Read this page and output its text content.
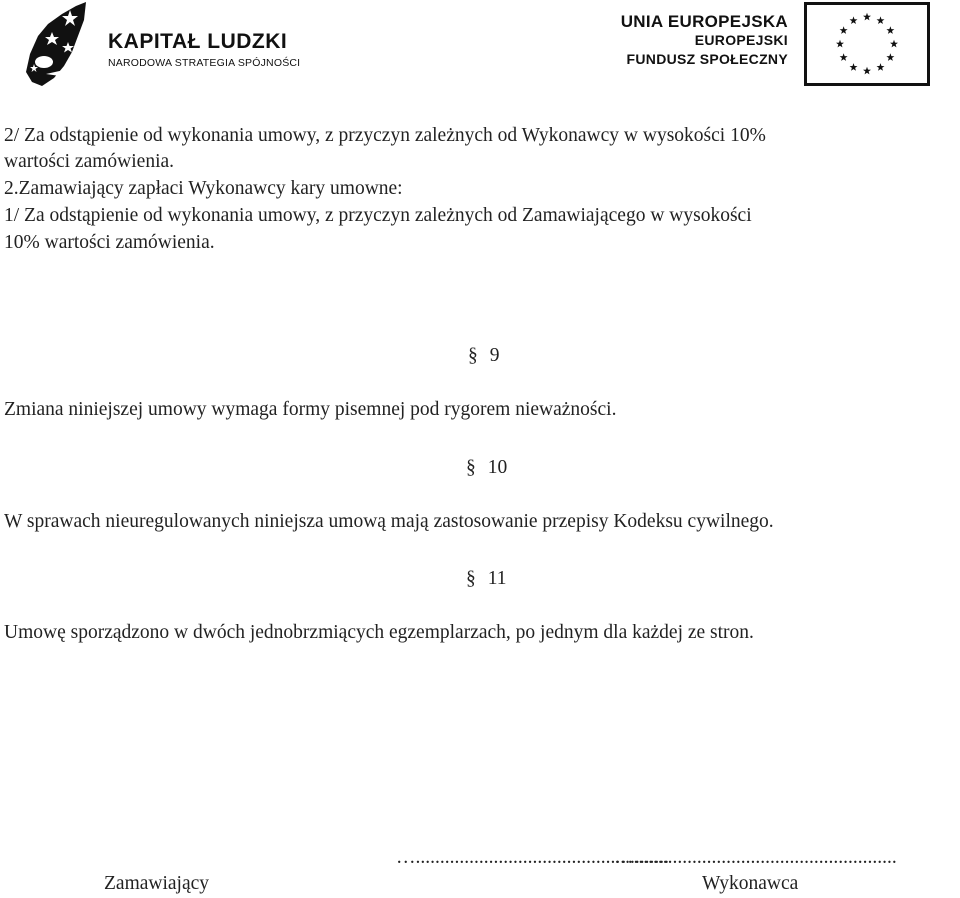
KAPITAŁ LUDZKI
NARODOWA STRATEGIA SPÓJNOŚCI
UNIA EUROPEJSKA
EUROPEJSKI
FUNDUSZ SPOŁECZNY
2/ Za odstąpienie od wykonania umowy, z przyczyn zależnych od Wykonawcy w wysokości 10%
wartości zamówienia.
2.Zamawiający zapłaci Wykonawcy kary umowne:
1/ Za odstąpienie od wykonania umowy, z przyczyn zależnych od Zamawiającego w wysokości
10% wartości zamówienia.
§ 9
Zmiana niniejszej umowy wymaga formy pisemnej pod rygorem nieważności.
§ 10
W sprawach nieuregulowanych niniejsza umową mają zastosowanie przepisy Kodeksu cywilnego.
§ 11
Umowę sporządzono w dwóch jednobrzmiących egzemplarzach, po jednym dla każdej ze stron.
…....................................................
…......................................................
Zamawiający	Wykonawca
